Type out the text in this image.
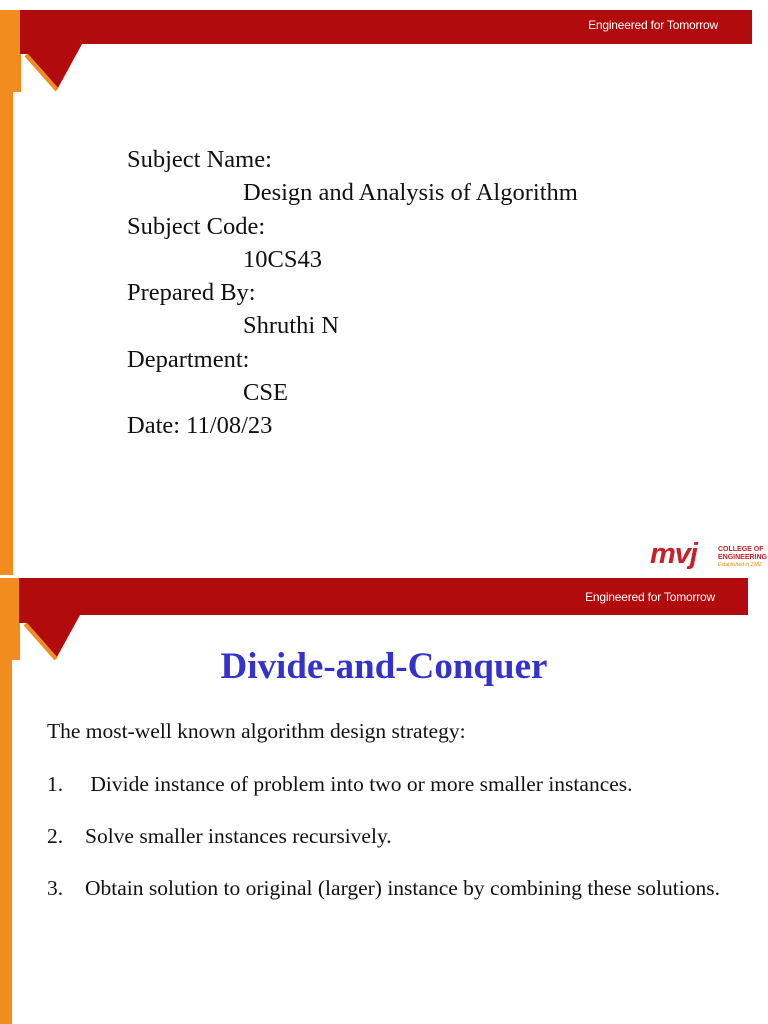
Engineered for Tomorrow
Subject Name:
Design and Analysis of Algorithm
Subject Code:
10CS43
Prepared By:
Shruthi N
Department:
CSE
Date: 11/08/23
mvj	COLLEGE OF
ENGINEERING
Established in 1982
Engineered for Tomorrow
Divide-and-Conquer
The most-well known algorithm design strategy:
1. Divide instance of problem into two or more smaller instances.
2. Solve smaller instances recursively.
3. Obtain solution to original (larger) instance by combining these solutions.
